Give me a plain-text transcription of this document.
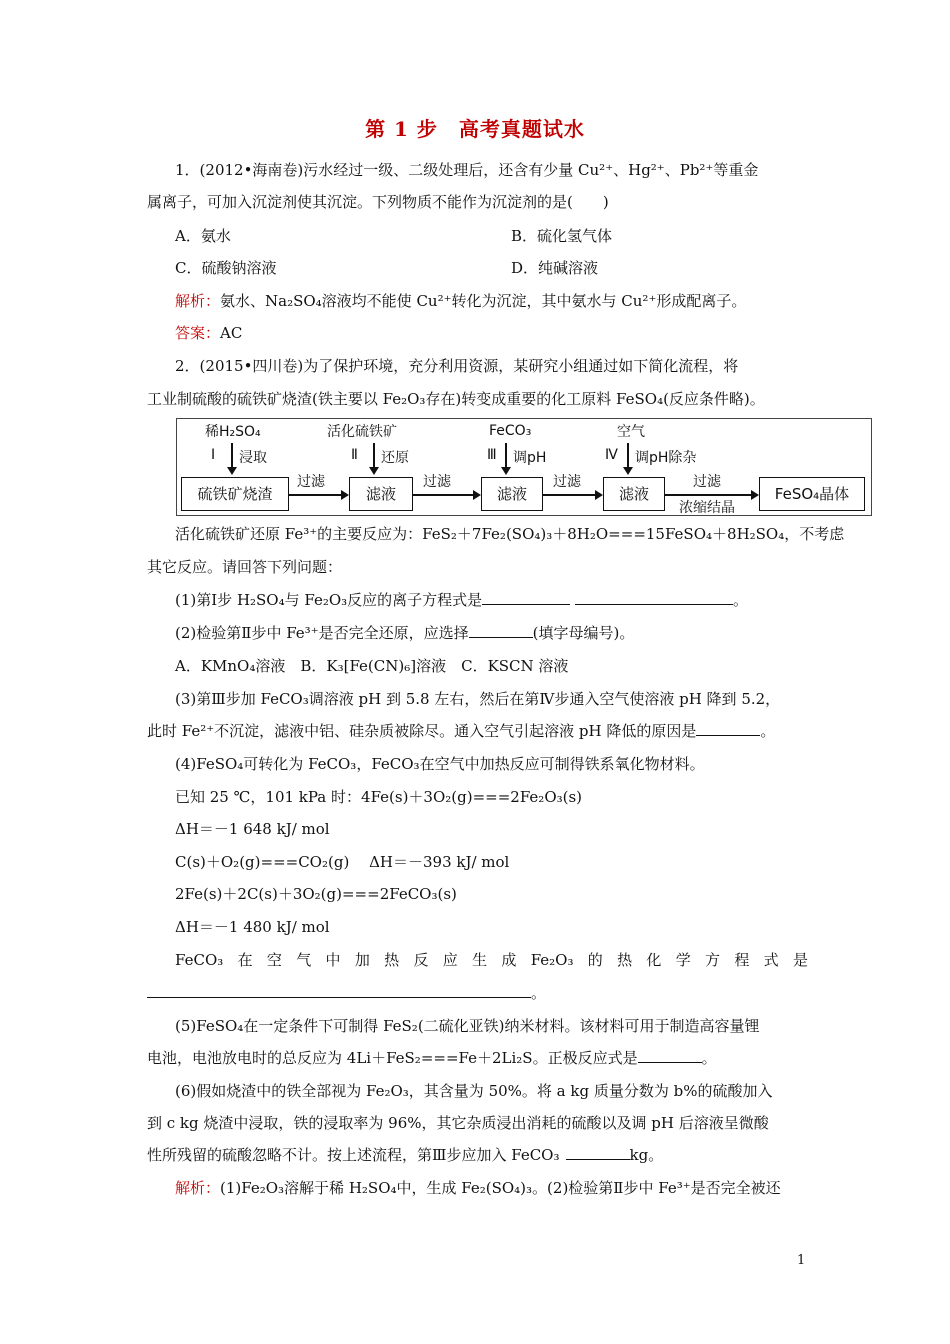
第 1 步　高考真题试水
1．(2012•海南卷)污水经过一级、二级处理后，还含有少量 Cu²⁺、Hg²⁺、Pb²⁺等重金
属离子，可加入沉淀剂使其沉淀。下列物质不能作为沉淀剂的是(　　)
A．氨水	B．硫化氢气体
C．硫酸钠溶液	D．纯碱溶液
解析：氨水、Na₂SO₄溶液均不能使 Cu²⁺转化为沉淀，其中氨水与 Cu²⁺形成配离子。
答案：AC
2．(2015•四川卷)为了保护环境，充分利用资源，某研究小组通过如下简化流程，将
工业制硫酸的硫铁矿烧渣(铁主要以 Fe₂O₃存在)转变成重要的化工原料 FeSO₄(反应条件略)。
稀H₂SO₄
Ⅰ 浸取
活化硫铁矿
Ⅱ 还原
FeCO₃
Ⅲ 调pH
空气
Ⅳ 调pH除杂
硫铁矿烧渣
过滤
滤液
过滤
滤液
过滤
滤液
过滤
浓缩结晶
FeSO₄晶体
活化硫铁矿还原 Fe³⁺的主要反应为：FeS₂＋7Fe₂(SO₄)₃＋8H₂O===15FeSO₄＋8H₂SO₄，不考虑
其它反应。请回答下列问题：
(1)第Ⅰ步 H₂SO₄与 Fe₂O₃反应的离子方程式是	。
(2)检验第Ⅱ步中 Fe³⁺是否完全还原，应选择	(填字母编号)。
A．KMnO₄溶液　B．K₃[Fe(CN)₆]溶液　C．KSCN 溶液
(3)第Ⅲ步加 FeCO₃调溶液 pH 到 5.8 左右，然后在第Ⅳ步通入空气使溶液 pH 降到 5.2，
此时 Fe²⁺不沉淀，滤液中铝、硅杂质被除尽。通入空气引起溶液 pH 降低的原因是	。
(4)FeSO₄可转化为 FeCO₃，FeCO₃在空气中加热反应可制得铁系氧化物材料。
已知 25 ℃，101 kPa 时：4Fe(s)＋3O₂(g)===2Fe₂O₃(s)
ΔH＝－1 648 kJ/ mol
C(s)＋O₂(g)===CO₂(g)　 ΔH＝－393 kJ/ mol
2Fe(s)＋2C(s)＋3O₂(g)===2FeCO₃(s)
ΔH＝－1 480 kJ/ mol
FeCO₃ 在 空 气 中 加 热 反 应 生 成 Fe₂O₃ 的 热 化 学 方 程 式 是
。
(5)FeSO₄在一定条件下可制得 FeS₂(二硫化亚铁)纳米材料。该材料可用于制造高容量锂
电池，电池放电时的总反应为 4Li＋FeS₂===Fe＋2Li₂S。正极反应式是	。
(6)假如烧渣中的铁全部视为 Fe₂O₃，其含量为 50%。将 a kg 质量分数为 b%的硫酸加入
到 c kg 烧渣中浸取，铁的浸取率为 96%，其它杂质浸出消耗的硫酸以及调 pH 后溶液呈微酸
性所残留的硫酸忽略不计。按上述流程，第Ⅲ步应加入 FeCO₃	kg。
解析：(1)Fe₂O₃溶解于稀 H₂SO₄中，生成 Fe₂(SO₄)₃。(2)检验第Ⅱ步中 Fe³⁺是否完全被还
1
